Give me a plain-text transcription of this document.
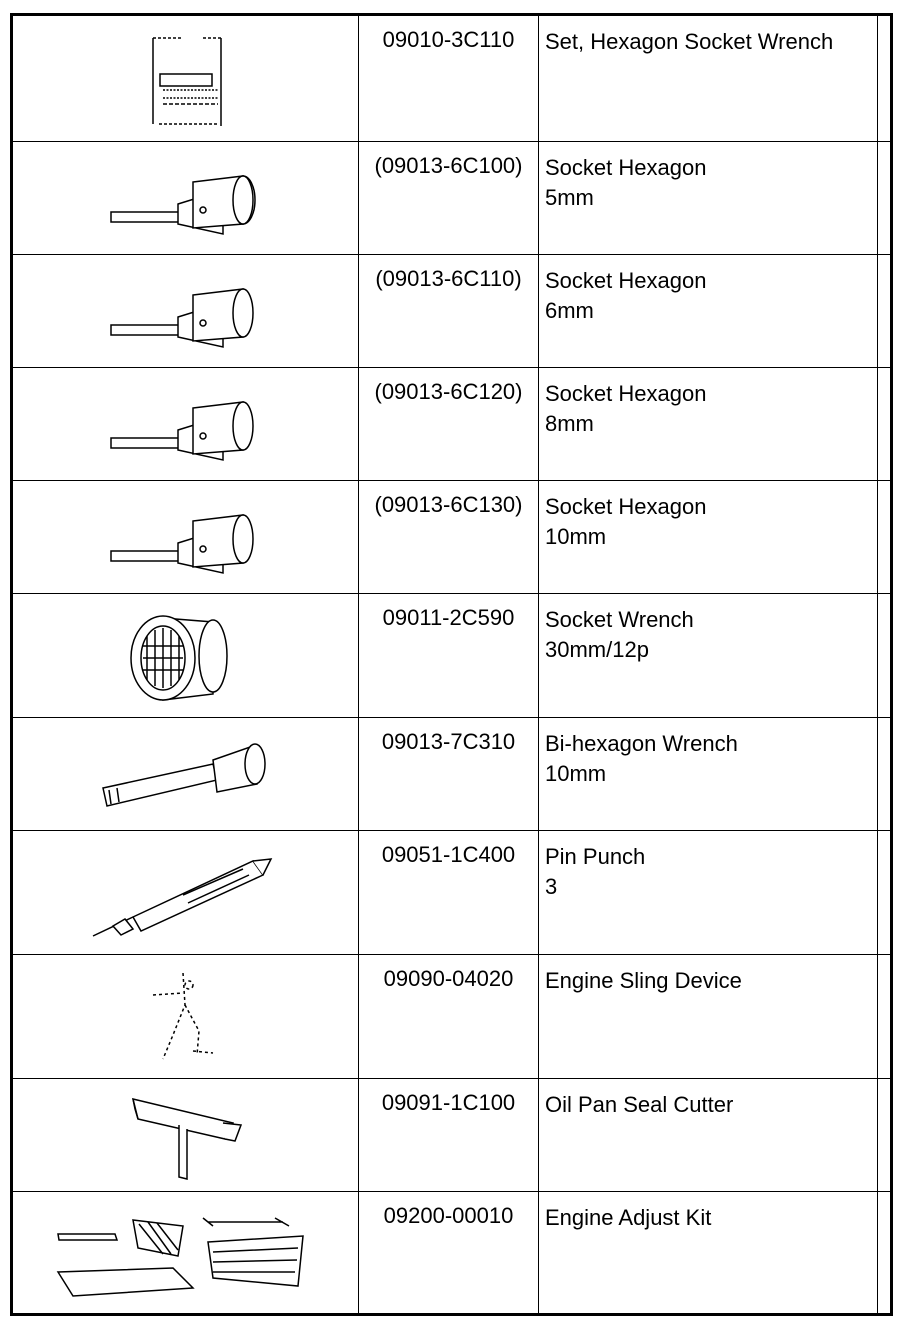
09010-3C110	Set, Hexagon Socket Wrench
(09013-6C100)	Socket Hexagon
5mm
(09013-6C110)	Socket Hexagon
6mm
(09013-6C120)	Socket Hexagon
8mm
(09013-6C130)	Socket Hexagon
10mm
09011-2C590	Socket Wrench
30mm/12p
09013-7C310	Bi-hexagon Wrench
10mm
09051-1C400	Pin Punch
3
09090-04020	Engine Sling Device
09091-1C100	Oil Pan Seal Cutter
09200-00010	Engine Adjust Kit
